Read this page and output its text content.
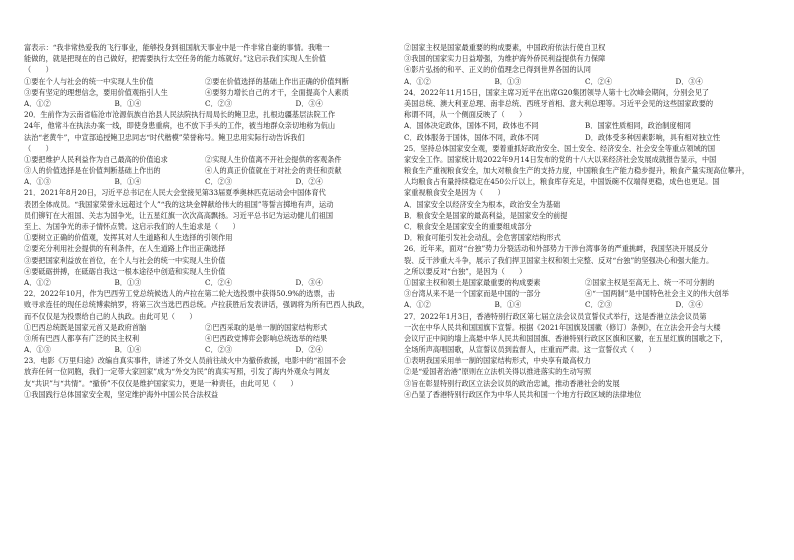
富表示：“我非常热爱我的飞行事业，能够投身到祖国航天事业中是一件非常自豪的事情。我唯一
能做的，就是把现在的自己做好，把需要执行太空任务的能力练就好。”这启示我们实现人生价值
（　　）
①要在个人与社会的统一中实现人生价值	②要在价值选择的基础上作出正确的价值判断
③要有坚定的理想信念，要用价值观指引人生	④要努力增长自己的才干，全面提高个人素质
A．①②	B．①④	C．②③	D．③④
20．生前作为云南省临沧市沧源佤族自治县人民法院执行局局长的鲍卫忠，扎根边疆基层法院工作
24年，他常斗在执法办案一线，即使身患重病，也不放下手头的工作，被当地群众亲切地称为佤山
法治“老黄牛”，中宣部追授鲍卫忠同志“时代楷模”荣誉称号。鲍卫忠用实际行动告诉我们
（　　）
①要把维护人民利益作为自己最高的价值追求	②实现人生价值离不开社会提供的客观条件
③人的价值选择是在价值判断基础上作出的	④人的真正价值就在于对社会的责任和贡献
A．①③	B．①④	C．②③	D．②④
21．2021年8月20日，习近平总书记在人民大会堂接见第33届夏季奥林匹克运动会中国体育代
表团全体成员。“我国家荣誉永远超过个人”“我的这块金牌献给伟大的祖国”等誓言掷地有声，运动
员们铆钉在大祖国、关志为国争光，让五星红旗一次次高高飘扬。习近平总书记为运动健儿们祖国
至上、为国争光的赤子情怀点赞。这启示我们的人生追求是（　　）
①要树立正确的价值观，发挥其对人生道路和人生选择的引领作用
②要充分利用社会提供的有利条件，在人生道路上作出正确选择
③要把国家利益放在首位，在个人与社会的统一中实现人生价值
④要砥砺拼搏，在砥砺自我这一根本途径中创造和实现人生价值
A．①②	B．①③	C．②④	D．③④
22．2022年10月，作为巴西劳工党总统候选人的卢拉在第二轮大选投票中获得50.9%的选票，击
败寻求连任的现任总统博索纳罗，将第三次当选巴西总统。卢拉获胜后发表讲话，强调将为所有巴西人执政，
而不仅仅是为投票给自己的人执政。由此可见（　　）
①巴西总统既是国家元首又是政府首脑	②巴西采取的是单一制的国家结构形式
③所有巴西人都享有广泛的民主权利	④巴西政党博弈会影响总统选举的结果
A．①③	B．①④	C．②③	D．②④
23．电影《万里归途》改编自真实事件，讲述了外交人员前往战火中为撤侨救援，电影中的“祖国不会
放弃任何一位同胞，我们一定带大家回家”成为“外交为民”的真实写照，引发了海内外观众与网友
友“共识”与“共情”。“撤侨”不仅仅是维护国家实力，更是一种责任，由此可见（　　）
①我国践行总体国家安全观，坚定维护海外中国公民合法权益
②国家主权是国家最重要的构成要素，中国政府依法行使自卫权
③我国的国家实力日益增强，为维护海外侨民利益提供有力保障
④影片弘扬的和平、正义的价值理念已得到世界各国的认同
A．①②	B．①③	C．②④	D．③④
24．2022年11月15日，国家主席习近平在出席G20集团领导人第十七次峰会期间，分别会见了
美国总统、澳大利亚总理、南非总统、西班牙首相、意大利总理等。习近平会见的这些国家政要的
称谓不同，从一个侧面反映了（　　）
A．国体决定政体，国体不同，政体也不同	B．国家性质相同，政治制度相同
C．政体服务于国体，国体不同，政体不同	D．政体受多种因素影响，具有相对独立性
25．坚持总体国家安全观，要着重抓好政治安全、国土安全、经济安全、社会安全等重点领域的国
家安全工作。国家统计局2022年9月14日发布的党的十八大以来经济社会发展成就报告显示，中国
粮食生产重视粮食安全，加大对粮食生产的支持力度，中国粮食生产能力稳步提升，粮食产量实现高位攀升，
人均粮食占有量持续稳定在450公斤以上，粮食库存充足，中国饭碗不仅端得更稳，成色也更足。国
家重视粮食安全是因为（　　）
A．国家安全以经济安全为根本，政治安全为基础
B．粮食安全是国家的最高利益，是国家安全的前提
C．粮食安全是国家安全的重要组成部分
D．粮食可能引发社会动乱，会危害国家结构形式
26．近年来，面对“台独”势力分裂活动和外部势力干涉台湾事务的严重挑衅，我国坚决开展反分
裂、反干涉重大斗争，展示了我们捍卫国家主权和领土完整、反对“台独”的坚强决心和强大能力。
之所以要反对“台独”，是因为（　　）
①国家主权和领土是国家最重要的构成要素	②国家主权是至高无上、统一不可分割的
③台湾从来不是一个国家而是中国的一部分	④“一国两制”是中国特色社会主义的伟大创举
A．①②	B．①④	C．②③	D．③④
27．2022年1月3日，香港特别行政区第七届立法会议员宣誓仪式举行，这是香港立法会议员第
一次在中华人民共和国国旗下宣誓。根据《2021年国旗及国徽（修订）条例》，在立法会开会与大楼
会议厅正中间的墙上高悬中华人民共和国国旗、香港特别行政区区旗和区徽，在五星红旗的国歌之下，
全场所声高唱国歌，从宣誓议员到监督人，庄重而严肃。这一宣誓仪式（　　）
①表明我国采用单一制的国家结构形式，中央享有最高权力
②是“爱国者治港”原则在立法机关得以推进落实的生动写照
③旨在彰显特别行政区立法会议员的政治忠诚，推动香港社会的发展
④凸显了香港特别行政区作为中华人民共和国一个地方行政区域的法律地位
